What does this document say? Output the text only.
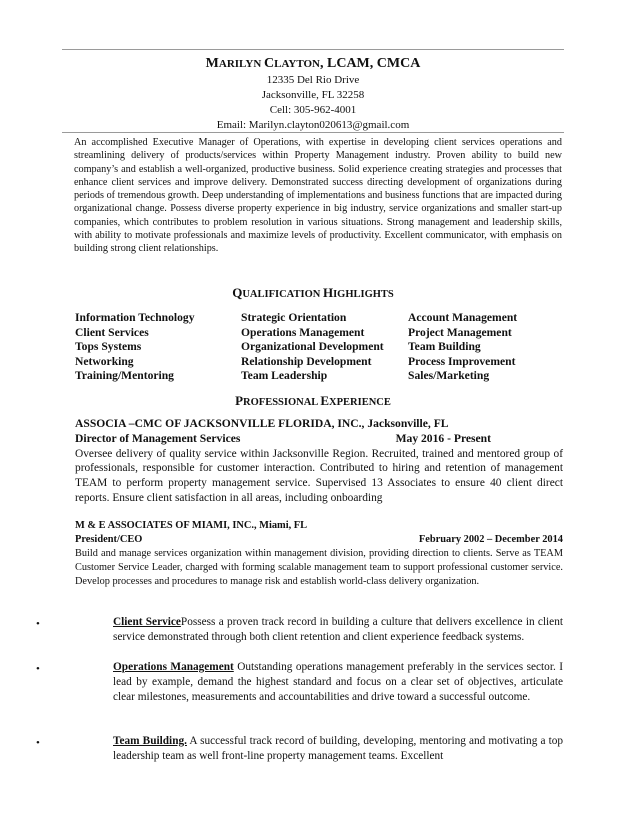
MARILYN CLAYTON, LCAM, CMCA
12335 Del Rio Drive
Jacksonville, FL 32258
Cell: 305-962-4001
Email: Marilyn.clayton020613@gmail.com
An accomplished Executive Manager of Operations, with expertise in developing client services operations and streamlining delivery of products/services within Property Management industry. Proven ability to build new company’s and establish a well-organized, productive business. Solid experience creating strategies and processes that enhance client services and improve delivery. Demonstrated success directing development of organizations during periods of tremendous growth. Deep understanding of implementations and business functions that are impacted during organizational change. Possess diverse property experience in big industry, service organizations and smaller start-up companies, which contributes to problem resolution in various situations. Strong management and leadership skills, with ability to motivate professionals and maximize levels of productivity. Excellent communicator, with emphasis on building strong client relationships.
QUALIFICATION HIGHLIGHTS
Information Technology	Strategic Orientation	Account Management
Client Services	Operations Management	Project Management
Tops Systems	Organizational Development	Team Building
Networking	Relationship Development	Process Improvement
Training/Mentoring	Team Leadership	Sales/Marketing
PROFESSIONAL EXPERIENCE
ASSOCIA –CMC OF JACKSONVILLE FLORIDA, INC., Jacksonville, FL
Director of Management Services	May 2016 - Present
Oversee delivery of quality service within Jacksonville Region. Recruited, trained and mentored group of professionals, responsible for customer interaction. Contributed to hiring and retention of management TEAM to perform property management service. Supervised 13 Associates to ensure 40 client direct reports. Ensure client satisfaction in all areas, including onboarding
M & E ASSOCIATES OF MIAMI, INC., Miami, FL
President/CEO	February 2002 – December 2014
Build and manage services organization within management division, providing direction to clients. Serve as TEAM Customer Service Leader, charged with forming scalable management team to support professional customer service. Develop processes and procedures to manage risk and establish world-class delivery organization.
•	Client ServicePossess a proven track record in building a culture that delivers excellence in client service demonstrated through both client retention and client experience feedback systems.
•	Operations Management Outstanding operations management preferably in the services sector. I lead by example, demand the highest standard and focus on a clear set of objectives, articulate clear milestones, measurements and accountabilities and drive toward a successful outcome.
•	Team Building. A successful track record of building, developing, mentoring and motivating a top leadership team as well front-line property management teams. Excellent
